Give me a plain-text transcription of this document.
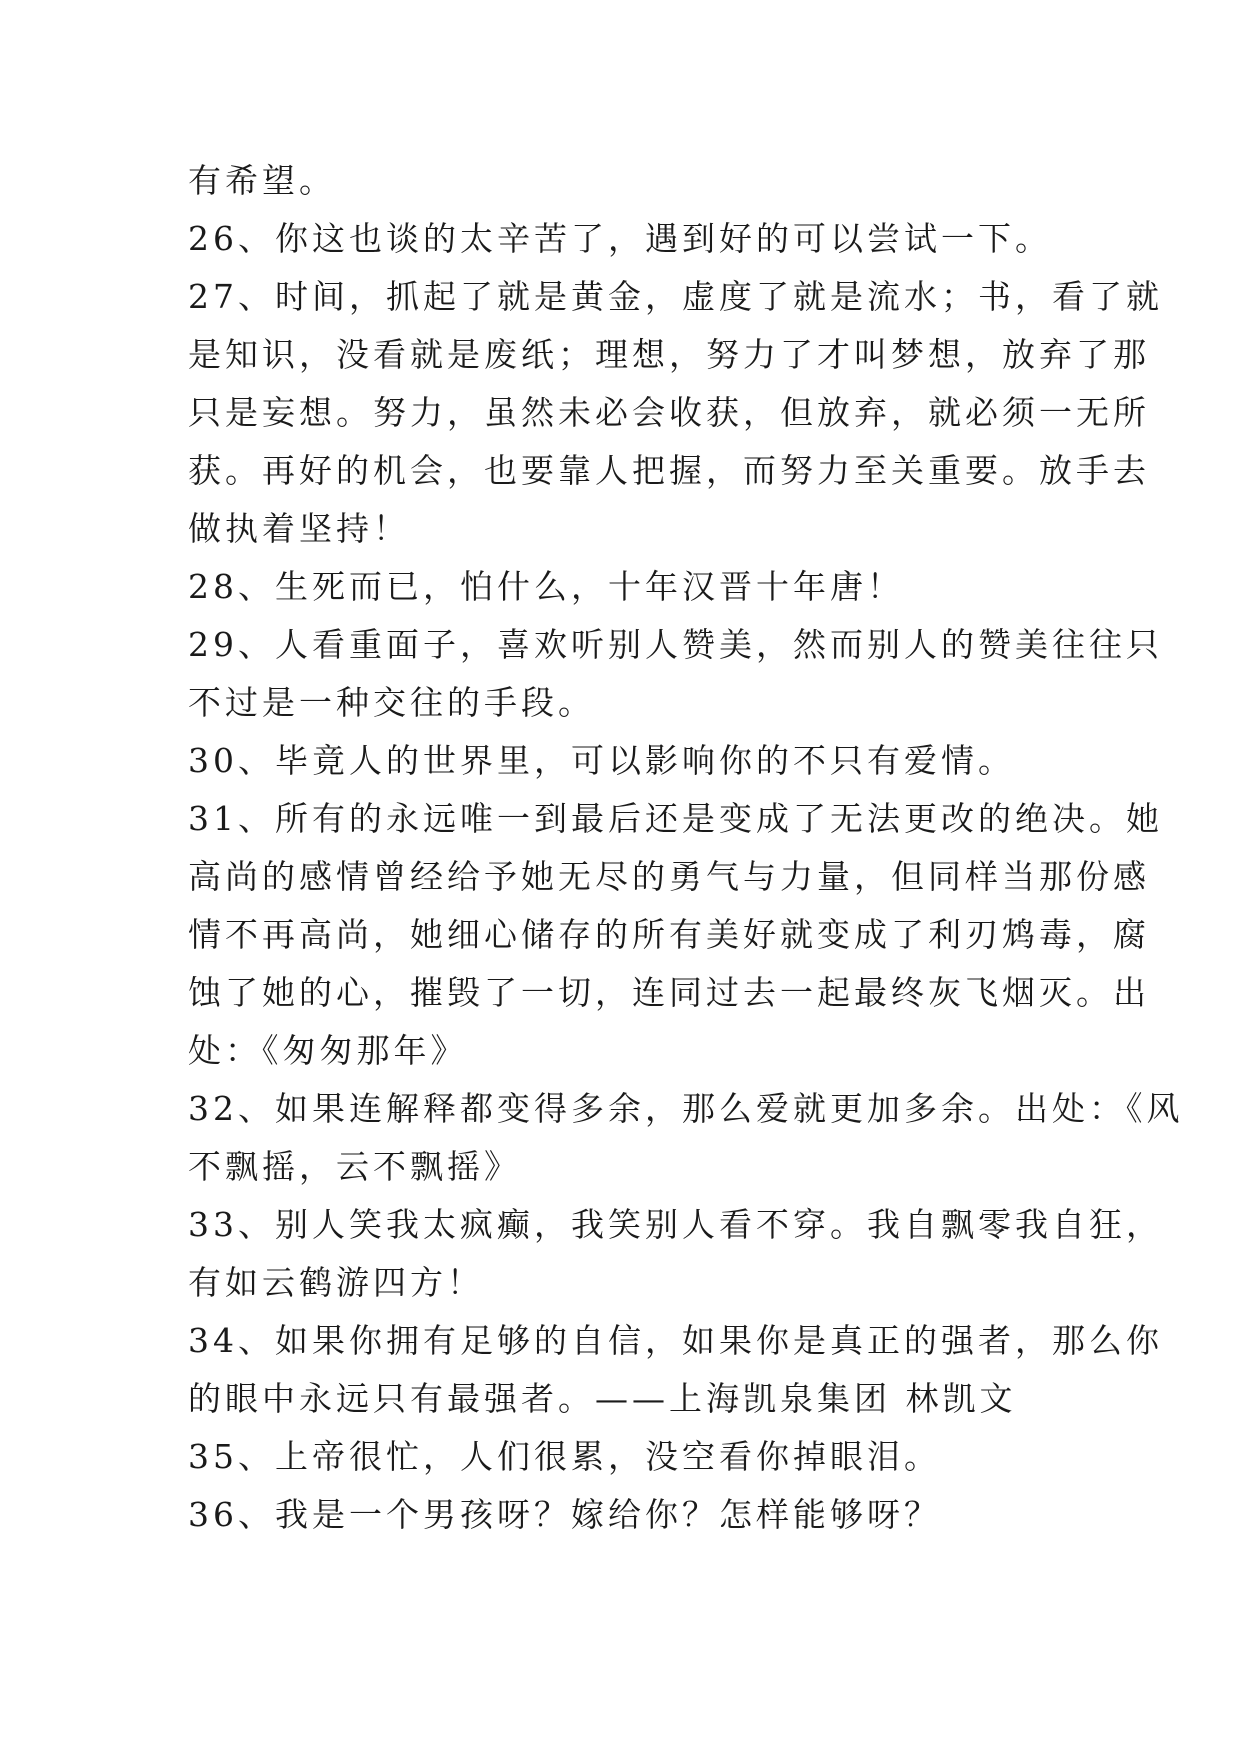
有希望。
26、你这也谈的太辛苦了，遇到好的可以尝试一下。
27、时间，抓起了就是黄金，虚度了就是流水；书，看了就
是知识，没看就是废纸；理想，努力了才叫梦想，放弃了那
只是妄想。努力，虽然未必会收获，但放弃，就必须一无所
获。再好的机会，也要靠人把握，而努力至关重要。放手去
做执着坚持！
28、生死而已，怕什么，十年汉晋十年唐！
29、人看重面子，喜欢听别人赞美，然而别人的赞美往往只
不过是一种交往的手段。
30、毕竟人的世界里，可以影响你的不只有爱情。
31、所有的永远唯一到最后还是变成了无法更改的绝决。她
高尚的感情曾经给予她无尽的勇气与力量，但同样当那份感
情不再高尚，她细心储存的所有美好就变成了利刃鸩毒，腐
蚀了她的心，摧毁了一切，连同过去一起最终灰飞烟灭。出
处：《匆匆那年》
32、如果连解释都变得多余，那么爱就更加多余。出处：《风
不飘摇，云不飘摇》
33、别人笑我太疯癫，我笑别人看不穿。我自飘零我自狂，
有如云鹤游四方！
34、如果你拥有足够的自信，如果你是真正的强者，那么你
的眼中永远只有最强者。——上海凯泉集团 林凯文
35、上帝很忙，人们很累，没空看你掉眼泪。
36、我是一个男孩呀？嫁给你？怎样能够呀？
